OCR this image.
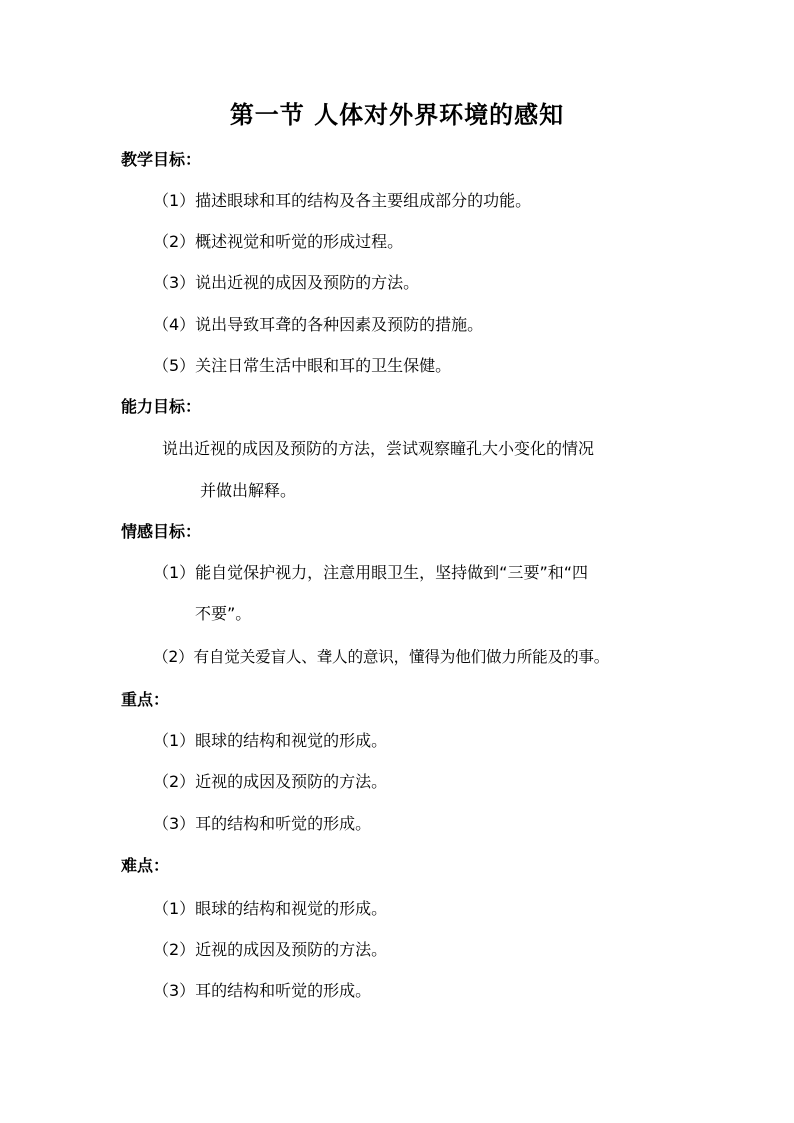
第一节 人体对外界环境的感知
教学目标：
（1）描述眼球和耳的结构及各主要组成部分的功能。
（2）概述视觉和听觉的形成过程。
（3）说出近视的成因及预防的方法。
（4）说出导致耳聋的各种因素及预防的措施。
（5）关注日常生活中眼和耳的卫生保健。
能力目标：
说出近视的成因及预防的方法，尝试观察瞳孔大小变化的情况
并做出解释。
情感目标：
（1）能自觉保护视力，注意用眼卫生，坚持做到“三要”和“四
不要”。
（2）有自觉关爱盲人、聋人的意识，懂得为他们做力所能及的事。
重点：
（1）眼球的结构和视觉的形成。
（2）近视的成因及预防的方法。
（3）耳的结构和听觉的形成。
难点：
（1）眼球的结构和视觉的形成。
（2）近视的成因及预防的方法。
（3）耳的结构和听觉的形成。
